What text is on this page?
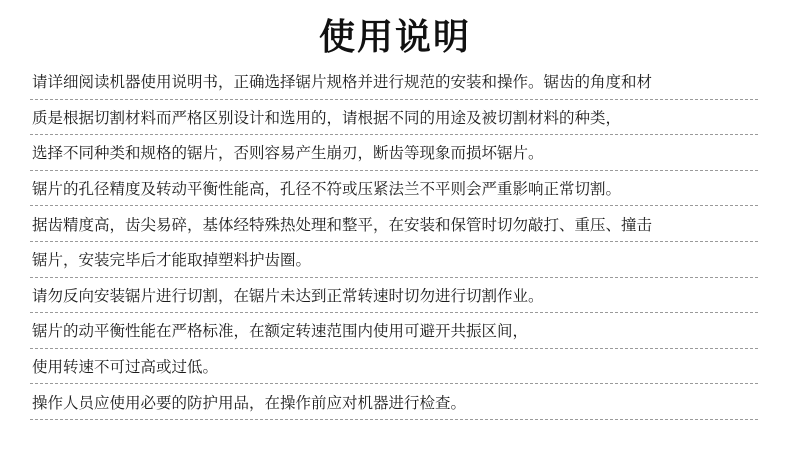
使用说明
请详细阅读机器使用说明书，正确选择锯片规格并进行规范的安装和操作。锯齿的角度和材
质是根据切割材料而严格区别设计和选用的，请根据不同的用途及被切割材料的种类，
选择不同种类和规格的锯片，否则容易产生崩刃，断齿等现象而损坏锯片。
锯片的孔径精度及转动平衡性能高，孔径不符或压紧法兰不平则会严重影响正常切割。
据齿精度高，齿尖易碎，基体经特殊热处理和整平，在安装和保管时切勿敲打、重压、撞击
锯片，安装完毕后才能取掉塑料护齿圈。
请勿反向安装锯片进行切割，在锯片未达到正常转速时切勿进行切割作业。
锯片的动平衡性能在严格标准，在额定转速范围内使用可避开共振区间，
使用转速不可过高或过低。
操作人员应使用必要的防护用品，在操作前应对机器进行检查。
